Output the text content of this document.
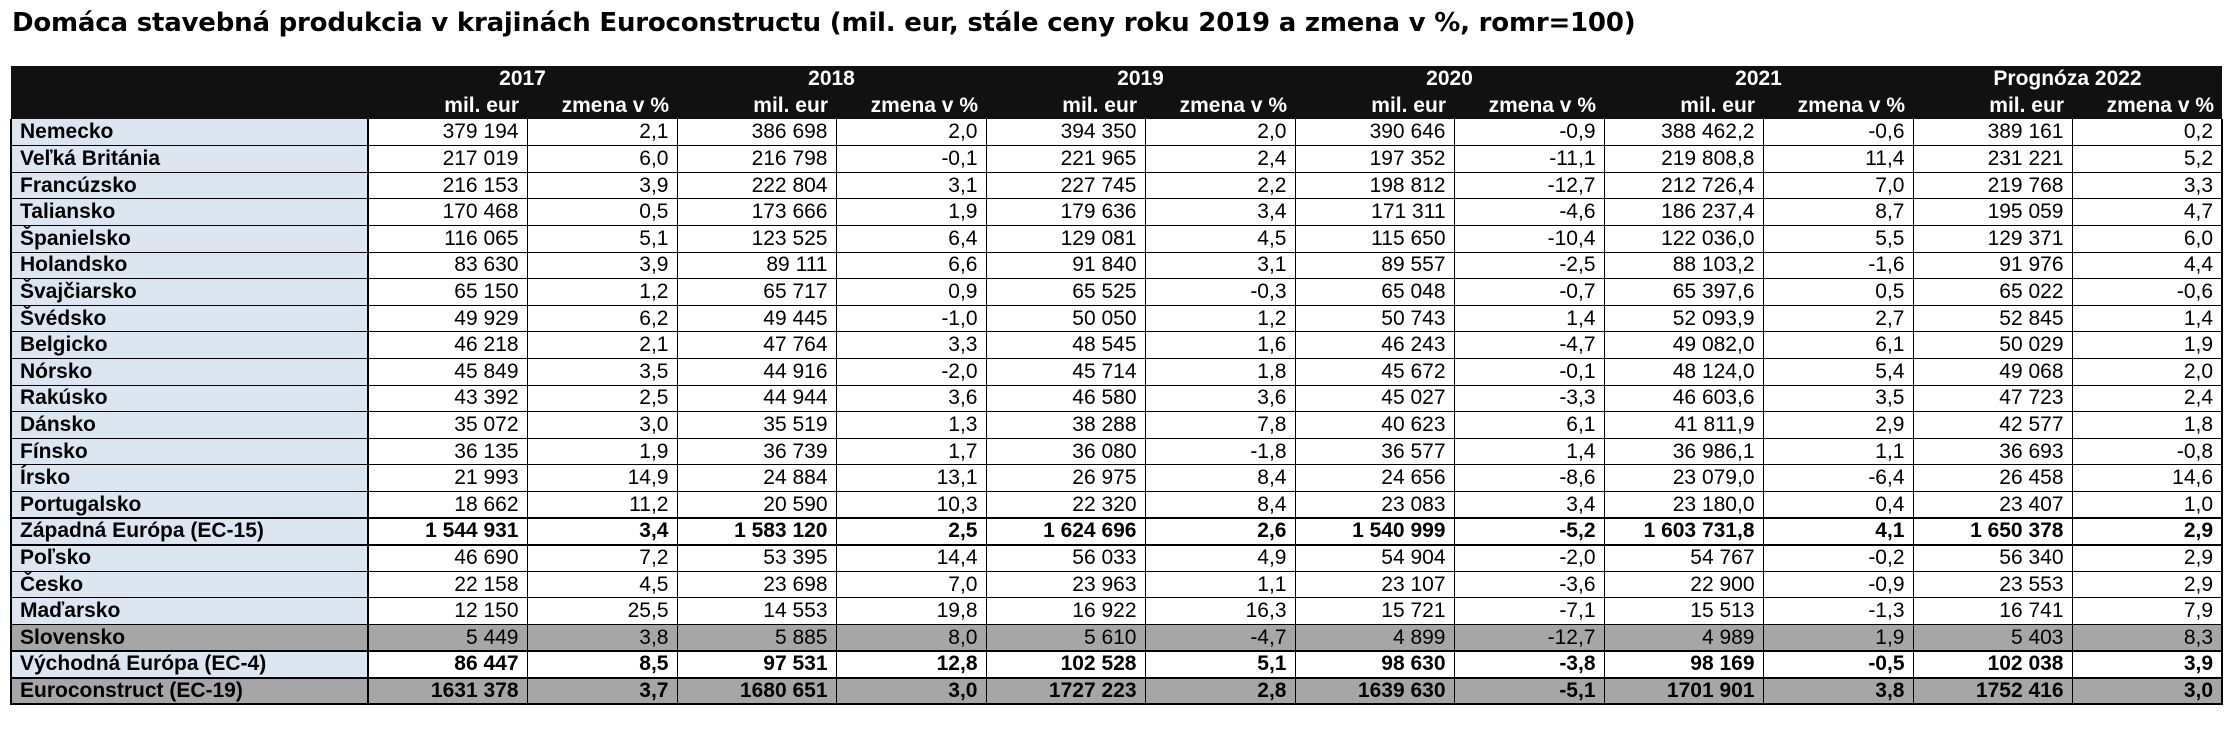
Domáca stavebná produkcia v krajinách Euroconstructu (mil. eur, stále ceny roku 2019 a zmena v %, romr=100)
	2017		2018		2019		2020		2021		Prognóza 2022	
	mil. eur	zmena v %	mil. eur	zmena v %	mil. eur	zmena v %	mil. eur	zmena v %	mil. eur	zmena v %	mil. eur	zmena v %
Nemecko	379 194	2,1	386 698	2,0	394 350	2,0	390 646	-0,9	388 462,2	-0,6	389 161	0,2
Veľká Británia	217 019	6,0	216 798	-0,1	221 965	2,4	197 352	-11,1	219 808,8	11,4	231 221	5,2
Francúzsko	216 153	3,9	222 804	3,1	227 745	2,2	198 812	-12,7	212 726,4	7,0	219 768	3,3
Taliansko	170 468	0,5	173 666	1,9	179 636	3,4	171 311	-4,6	186 237,4	8,7	195 059	4,7
Španielsko	116 065	5,1	123 525	6,4	129 081	4,5	115 650	-10,4	122 036,0	5,5	129 371	6,0
Holandsko	83 630	3,9	89 111	6,6	91 840	3,1	89 557	-2,5	88 103,2	-1,6	91 976	4,4
Švajčiarsko	65 150	1,2	65 717	0,9	65 525	-0,3	65 048	-0,7	65 397,6	0,5	65 022	-0,6
Švédsko	49 929	6,2	49 445	-1,0	50 050	1,2	50 743	1,4	52 093,9	2,7	52 845	1,4
Belgicko	46 218	2,1	47 764	3,3	48 545	1,6	46 243	-4,7	49 082,0	6,1	50 029	1,9
Nórsko	45 849	3,5	44 916	-2,0	45 714	1,8	45 672	-0,1	48 124,0	5,4	49 068	2,0
Rakúsko	43 392	2,5	44 944	3,6	46 580	3,6	45 027	-3,3	46 603,6	3,5	47 723	2,4
Dánsko	35 072	3,0	35 519	1,3	38 288	7,8	40 623	6,1	41 811,9	2,9	42 577	1,8
Fínsko	36 135	1,9	36 739	1,7	36 080	-1,8	36 577	1,4	36 986,1	1,1	36 693	-0,8
Írsko	21 993	14,9	24 884	13,1	26 975	8,4	24 656	-8,6	23 079,0	-6,4	26 458	14,6
Portugalsko	18 662	11,2	20 590	10,3	22 320	8,4	23 083	3,4	23 180,0	0,4	23 407	1,0
Západná Európa (EC-15)	1 544 931	3,4	1 583 120	2,5	1 624 696	2,6	1 540 999	-5,2	1 603 731,8	4,1	1 650 378	2,9
Poľsko	46 690	7,2	53 395	14,4	56 033	4,9	54 904	-2,0	54 767	-0,2	56 340	2,9
Česko	22 158	4,5	23 698	7,0	23 963	1,1	23 107	-3,6	22 900	-0,9	23 553	2,9
Maďarsko	12 150	25,5	14 553	19,8	16 922	16,3	15 721	-7,1	15 513	-1,3	16 741	7,9
Slovensko	5 449	3,8	5 885	8,0	5 610	-4,7	4 899	-12,7	4 989	1,9	5 403	8,3
Východná Európa (EC-4)	86 447	8,5	97 531	12,8	102 528	5,1	98 630	-3,8	98 169	-0,5	102 038	3,9
Euroconstruct (EC-19)	1631 378	3,7	1680 651	3,0	1727 223	2,8	1639 630	-5,1	1701 901	3,8	1752 416	3,0
